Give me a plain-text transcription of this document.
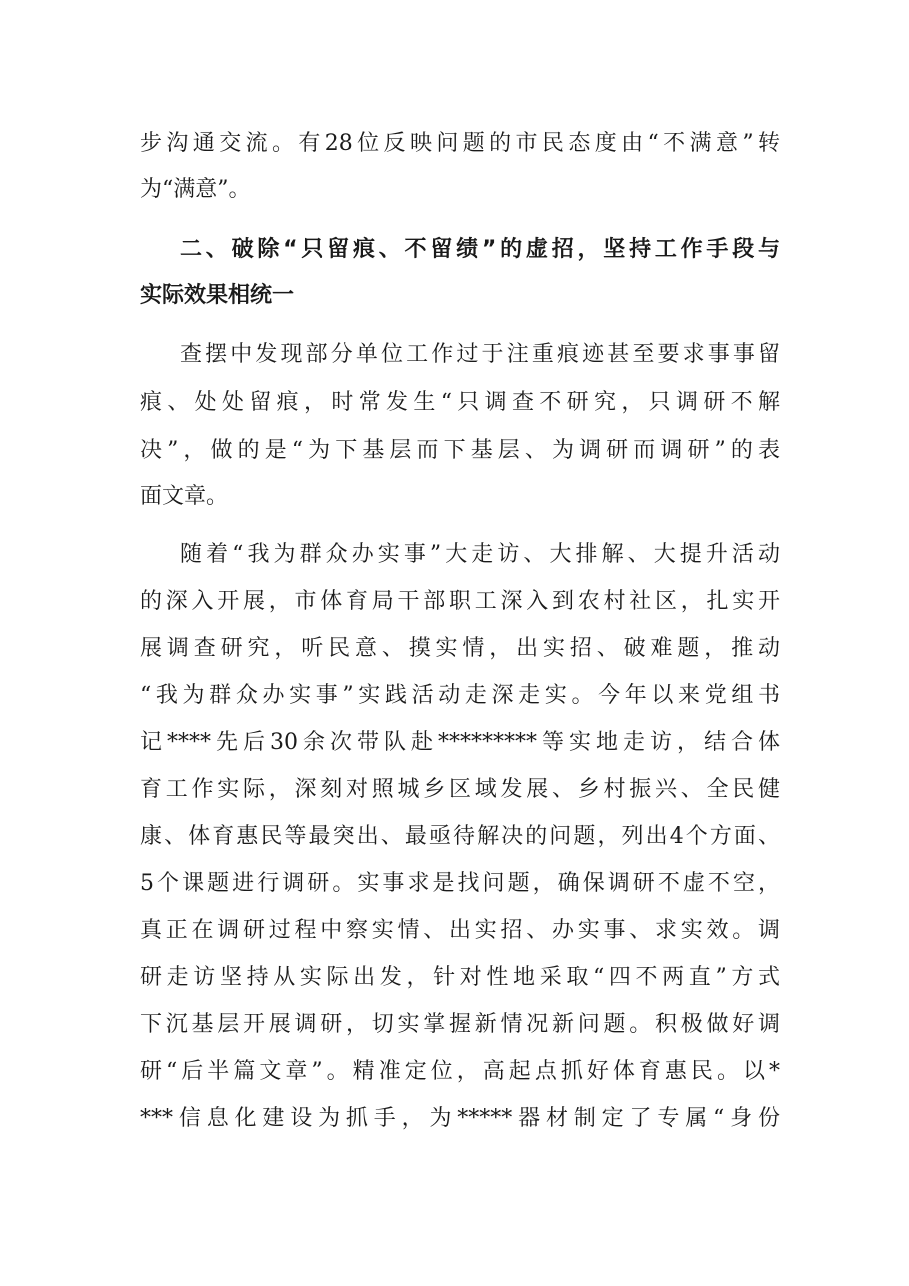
步沟通交流。有28位反映问题的市民态度由“不满意”转
为“满意”。
二、破除“只留痕、不留绩”的虚招，坚持工作手段与
实际效果相统一
查摆中发现部分单位工作过于注重痕迹甚至要求事事留
痕、处处留痕，时常发生“只调查不研究，只调研不解
决”，做的是“为下基层而下基层、为调研而调研”的表
面文章。
随着“我为群众办实事”大走访、大排解、大提升活动
的深入开展，市体育局干部职工深入到农村社区，扎实开
展调查研究，听民意、摸实情，出实招、破难题，推动
“我为群众办实事”实践活动走深走实。今年以来党组书
记****先后30余次带队赴*********等实地走访，结合体
育工作实际，深刻对照城乡区域发展、乡村振兴、全民健
康、体育惠民等最突出、最亟待解决的问题，列出4个方面、
5个课题进行调研。实事求是找问题，确保调研不虚不空，
真正在调研过程中察实情、出实招、办实事、求实效。调
研走访坚持从实际出发，针对性地采取“四不两直”方式
下沉基层开展调研，切实掌握新情况新问题。积极做好调
研“后半篇文章”。精准定位，高起点抓好体育惠民。以*
***信息化建设为抓手，为*****器材制定了专属“身份
